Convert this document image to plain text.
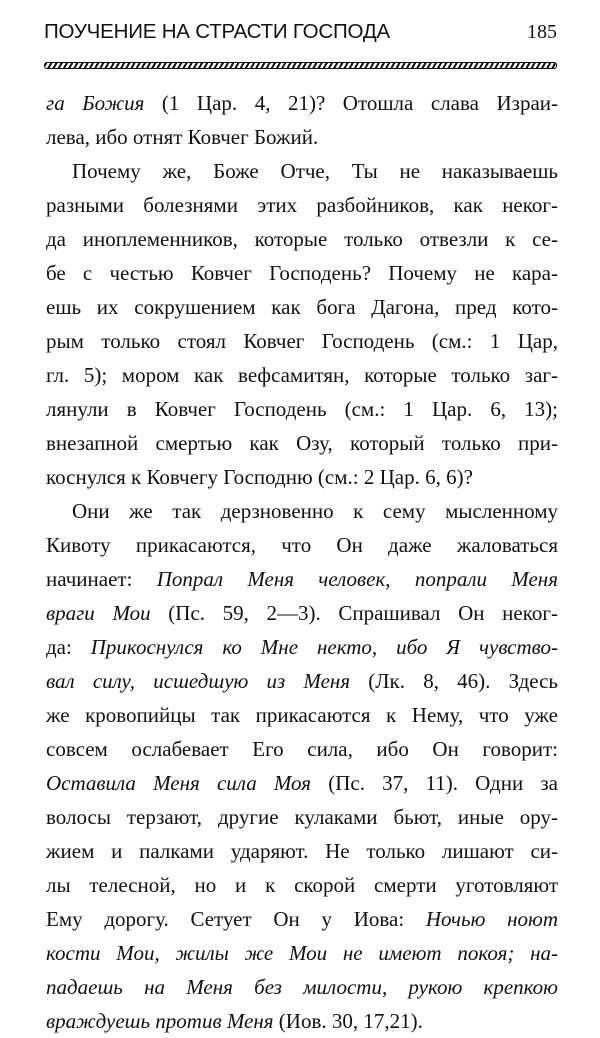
ПОУЧЕНИЕ НА СТРАСТИ ГОСПОДА	185
га Божия (1 Цар. 4, 21)? Отошла слава Израи-
лева, ибо отнят Ковчег Божий.
Почему же, Боже Отче, Ты не наказываешь
разными болезнями этих разбойников, как неког-
да иноплеменников, которые только отвезли к се-
бе с честью Ковчег Господень? Почему не кара-
ешь их сокрушением как бога Дагона, пред кото-
рым только стоял Ковчег Господень (см.: 1 Цар,
гл. 5); мором как вефсамитян, которые только заг-
лянули в Ковчег Господень (см.: 1 Цар. 6, 13);
внезапной смертью как Озу, который только при-
коснулся к Ковчегу Господню (см.: 2 Цар. 6, 6)?
Они же так дерзновенно к сему мысленному
Кивоту прикасаются, что Он даже жаловаться
начинает: Попрал Меня человек, попрали Меня
враги Мои (Пс. 59, 2—3). Спрашивал Он неког-
да: Прикоснулся ко Мне некто, ибо Я чувство-
вал силу, исшедшую из Меня (Лк. 8, 46). Здесь
же кровопийцы так прикасаются к Нему, что уже
совсем ослабевает Его сила, ибо Он говорит:
Оставила Меня сила Моя (Пс. 37, 11). Одни за
волосы терзают, другие кулаками бьют, иные ору-
жием и палками ударяют. Не только лишают си-
лы телесной, но и к скорой смерти уготовляют
Ему дорогу. Сетует Он у Иова: Ночью ноют
кости Мои, жилы же Мои не имеют покоя; на-
падаешь на Меня без милости, рукою крепкою
враждуешь против Меня (Иов. 30, 17,21).
